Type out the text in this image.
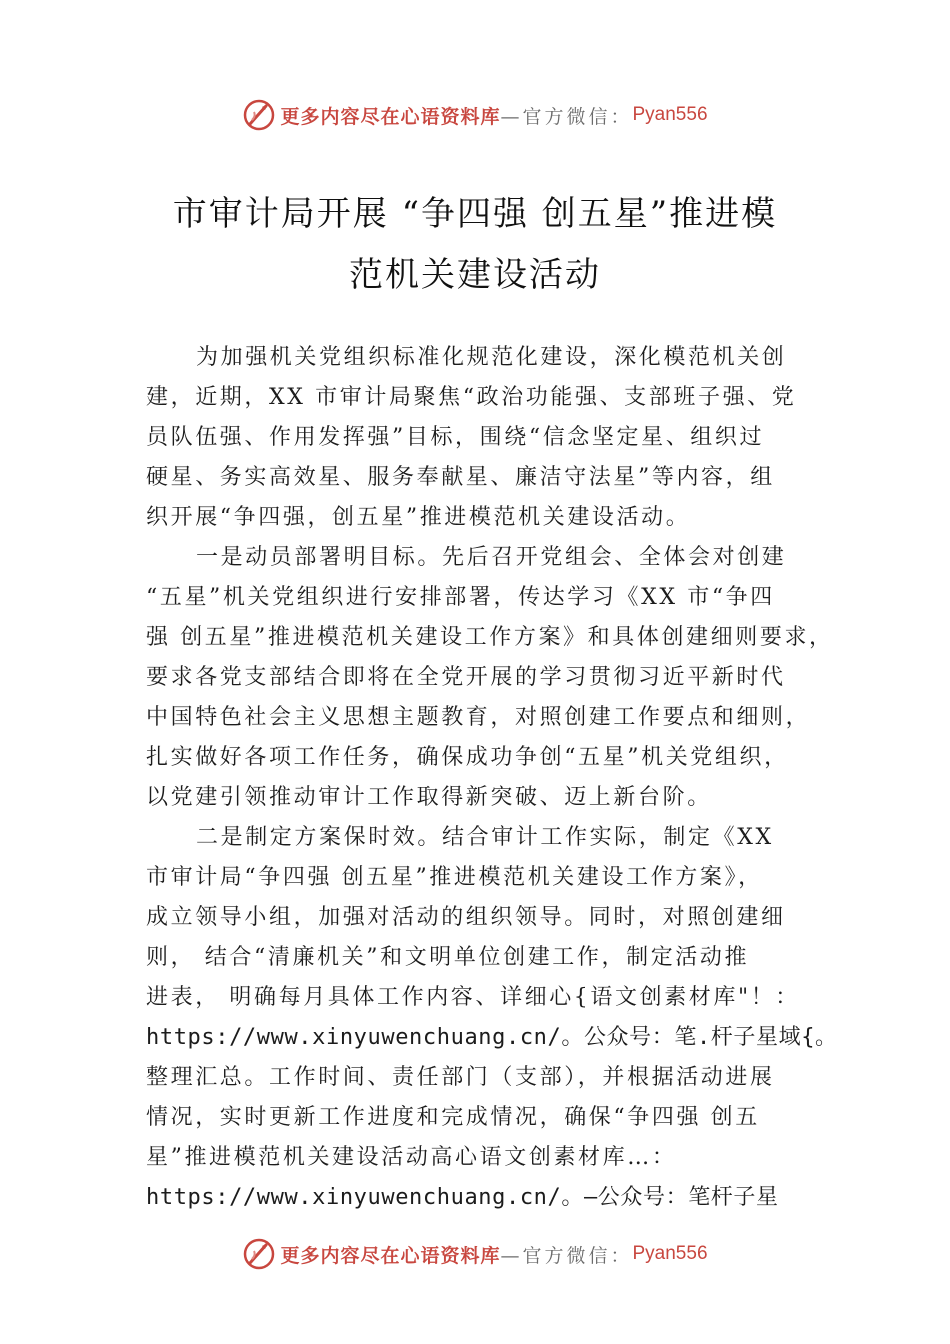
更多内容尽在心语资料库 —官方微信： Pyan556
市审计局开展 “争四强 创五星”推进模
范机关建设活动
为加强机关党组织标准化规范化建设，深化模范机关创
建，近期，XX 市审计局聚焦“政治功能强、支部班子强、党
员队伍强、作用发挥强”目标，围绕“信念坚定星、组织过
硬星、务实高效星、服务奉献星、廉洁守法星”等内容，组
织开展“争四强，创五星”推进模范机关建设活动。
一是动员部署明目标。先后召开党组会、全体会对创建
“五星”机关党组织进行安排部署，传达学习《XX 市“争四
强 创五星”推进模范机关建设工作方案》和具体创建细则要求，
要求各党支部结合即将在全党开展的学习贯彻习近平新时代
中国特色社会主义思想主题教育，对照创建工作要点和细则，
扎实做好各项工作任务，确保成功争创“五星”机关党组织，
以党建引领推动审计工作取得新突破、迈上新台阶。
二是制定方案保时效。结合审计工作实际，制定《XX
市审计局“争四强 创五星”推进模范机关建设工作方案》，
成立领导小组，加强对活动的组织领导。同时，对照创建细
则， 结合“清廉机关”和文明单位创建工作，制定活动推
进表， 明确每月具体工作内容、详细心{语文创素材库"！：
https://www.xinyuwenchuang.cn/。公众号：笔.杆子星域{。
整理汇总。工作时间、责任部门（支部），并根据活动进展
情况，实时更新工作进度和完成情况，确保“争四强 创五
星”推进模范机关建设活动高心语文创素材库…：
https://www.xinyuwenchuang.cn/。—公众号：笔杆子星
更多内容尽在心语资料库 —官方微信： Pyan556
